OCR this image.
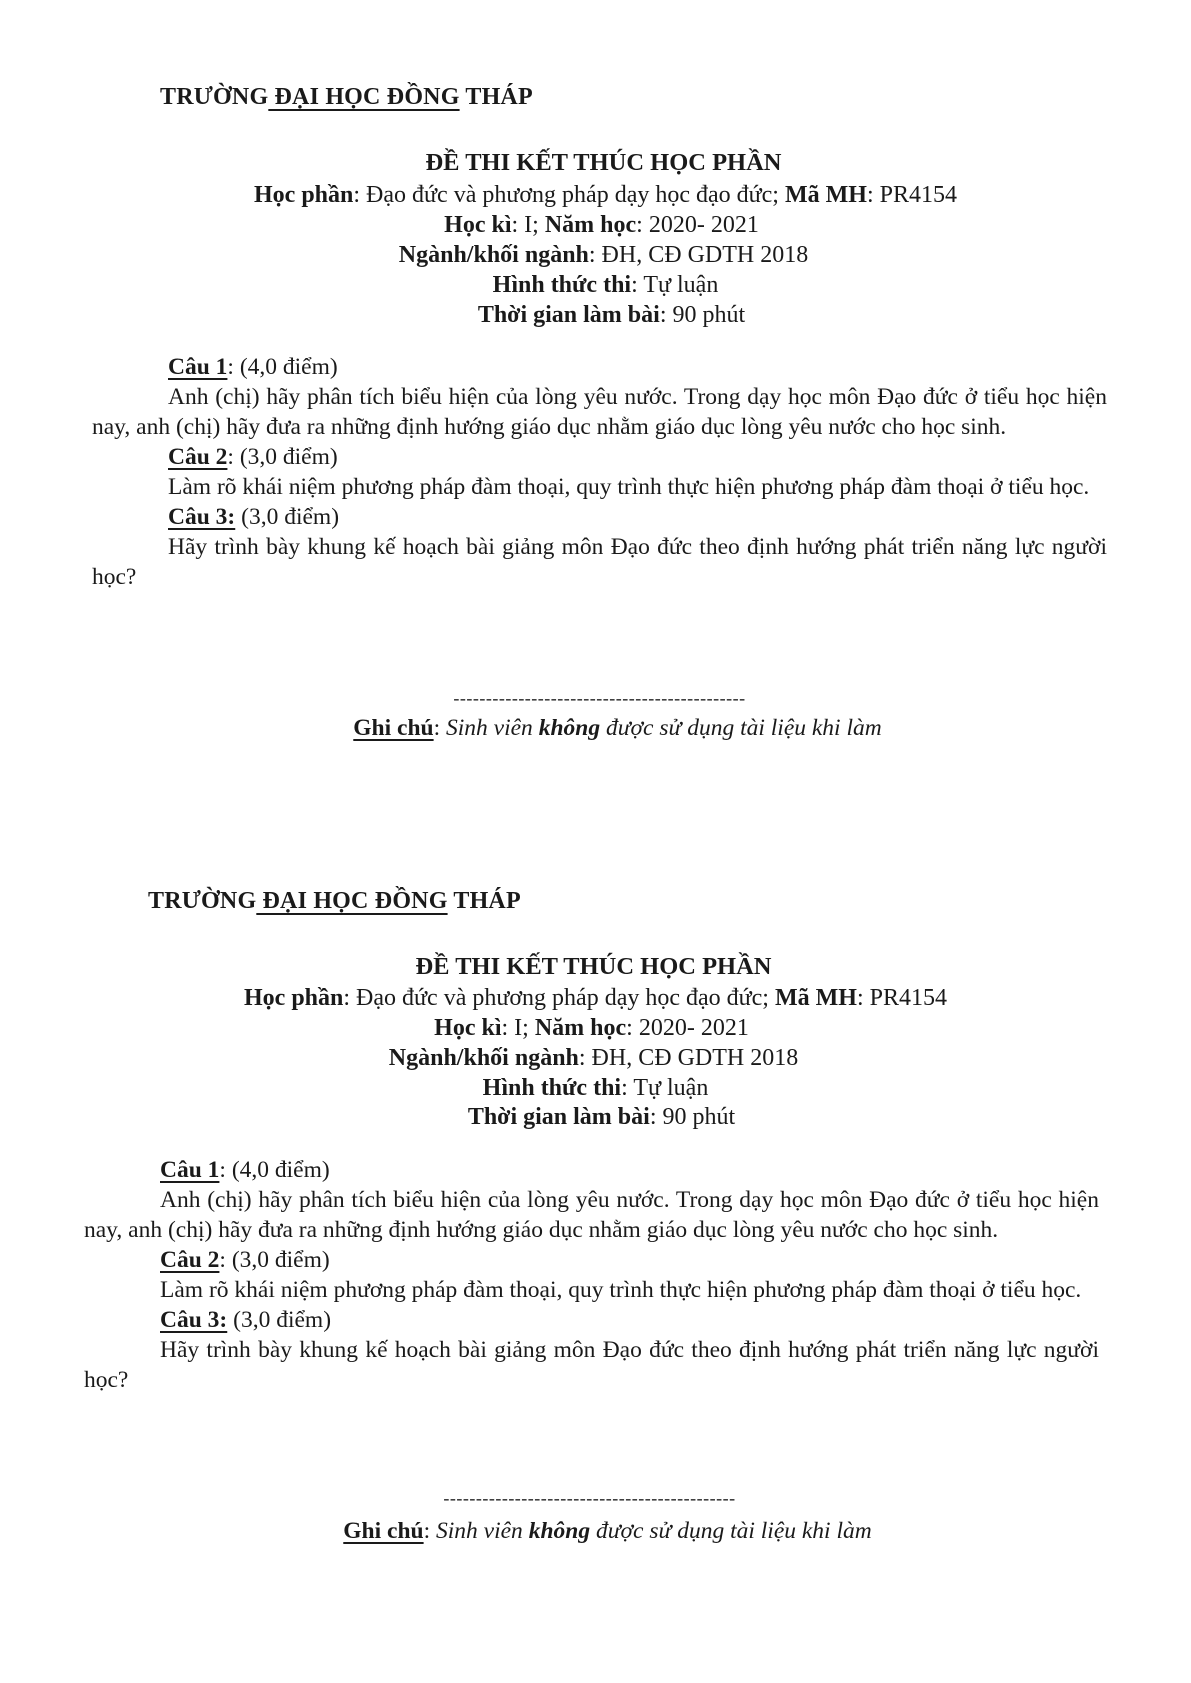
TRƯỜNG ĐẠI HỌC ĐỒNG THÁP
ĐỀ THI KẾT THÚC HỌC PHẦN
Học phần: Đạo đức và phương pháp dạy học đạo đức; Mã MH: PR4154
Học kì: I; Năm học: 2020- 2021
Ngành/khối ngành: ĐH, CĐ GDTH 2018
Hình thức thi: Tự luận
Thời gian làm bài: 90 phút
Câu 1: (4,0 điểm)
Anh (chị) hãy phân tích biểu hiện của lòng yêu nước. Trong dạy học môn Đạo đức ở tiểu học hiện nay, anh (chị) hãy đưa ra những định hướng giáo dục nhằm giáo dục lòng yêu nước cho học sinh.
Câu 2: (3,0 điểm)
Làm rõ khái niệm phương pháp đàm thoại, quy trình thực hiện phương pháp đàm thoại ở tiểu học.
Câu 3: (3,0 điểm)
Hãy trình bày khung kế hoạch bài giảng môn Đạo đức theo định hướng phát triển năng lực người học?
---------------------------------------------
Ghi chú: Sinh viên không được sử dụng tài liệu khi làm
TRƯỜNG ĐẠI HỌC ĐỒNG THÁP
ĐỀ THI KẾT THÚC HỌC PHẦN
Học phần: Đạo đức và phương pháp dạy học đạo đức; Mã MH: PR4154
Học kì: I; Năm học: 2020- 2021
Ngành/khối ngành: ĐH, CĐ GDTH 2018
Hình thức thi: Tự luận
Thời gian làm bài: 90 phút
Câu 1: (4,0 điểm)
Anh (chị) hãy phân tích biểu hiện của lòng yêu nước. Trong dạy học môn Đạo đức ở tiểu học hiện nay, anh (chị) hãy đưa ra những định hướng giáo dục nhằm giáo dục lòng yêu nước cho học sinh.
Câu 2: (3,0 điểm)
Làm rõ khái niệm phương pháp đàm thoại, quy trình thực hiện phương pháp đàm thoại ở tiểu học.
Câu 3: (3,0 điểm)
Hãy trình bày khung kế hoạch bài giảng môn Đạo đức theo định hướng phát triển năng lực người học?
---------------------------------------------
Ghi chú: Sinh viên không được sử dụng tài liệu khi làm
